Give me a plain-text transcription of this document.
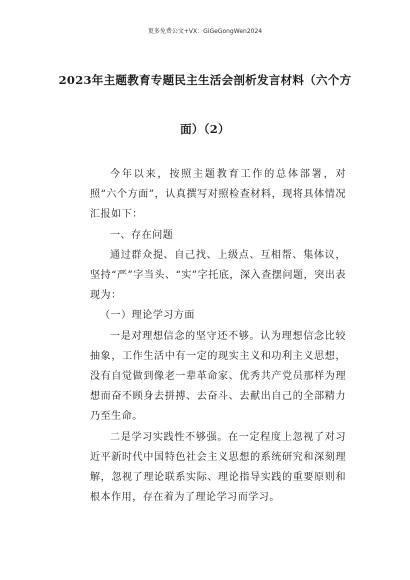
更多免费公文+VX：GiGeGongWen2024
2023年主题教育专题民主生活会剖析发言材料（六个方
面）（2）

今年以来，按照主题教育工作的总体部署，对照“六个方面”，认真撰写对照检查材料，现将具体情况汇报如下：

一、存在问题

通过群众提、自己找、上级点、互相帮、集体议，坚持“严”字当头、“实”字托底，深入查摆问题，突出表现为：

（一）理论学习方面

一是对理想信念的坚守还不够。认为理想信念比较抽象，工作生活中有一定的现实主义和功利主义思想，没有自觉做到像老一辈革命家、优秀共产党员那样为理想而奋不顾身去拼搏、去奋斗、去献出自己的全部精力乃至生命。

二是学习实践性不够强。在一定程度上忽视了对习近平新时代中国特色社会主义思想的系统研究和深刻理解，忽视了理论联系实际、理论指导实践的重要原则和根本作用，存在着为了理论学习而学习。
